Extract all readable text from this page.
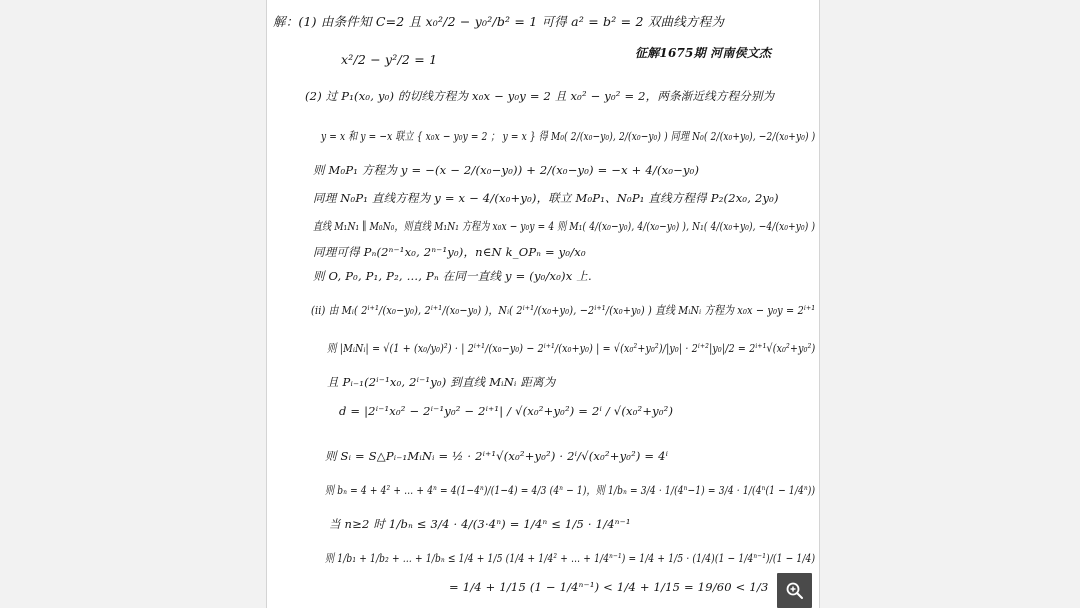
解：(1) 由条件知 C=2 且 x₀²/2 − y₀²/b² = 1 可得 a² = b² = 2 双曲线方程为
征解1675期 河南侯文杰
x²/2 − y²/2 = 1
(2) 过 P₁(x₀, y₀) 的切线方程为 x₀x − y₀y = 2 且 x₀² − y₀² = 2，两条渐近线方程分别为
y = x 和 y = −x 联立 { x₀x − y₀y = 2 ； y = x } 得 M₀( 2/(x₀−y₀), 2/(x₀−y₀) ) 同理 N₀( 2/(x₀+y₀), −2/(x₀+y₀) )
则 M₀P₁ 方程为 y = −(x − 2/(x₀−y₀)) + 2/(x₀−y₀) = −x + 4/(x₀−y₀)
同理 N₀P₁ 直线方程为 y = x − 4/(x₀+y₀)，联立 M₀P₁、N₀P₁ 直线方程得 P₂(2x₀, 2y₀)
直线 M₁N₁ ∥ M₀N₀，则直线 M₁N₁ 方程为 x₀x − y₀y = 4 则 M₁( 4/(x₀−y₀), 4/(x₀−y₀) ), N₁( 4/(x₀+y₀), −4/(x₀+y₀) )
同理可得 Pₙ(2ⁿ⁻¹x₀, 2ⁿ⁻¹y₀)，n∈N k_OPₙ = y₀/x₀
则 O, P₀, P₁, P₂, …, Pₙ 在同一直线 y = (y₀/x₀)x 上.
(ii) 由 Mᵢ( 2ⁱ⁺¹/(x₀−y₀), 2ⁱ⁺¹/(x₀−y₀) )，Nᵢ( 2ⁱ⁺¹/(x₀+y₀), −2ⁱ⁺¹/(x₀+y₀) ) 直线 MᵢNᵢ 方程为 x₀x − y₀y = 2ⁱ⁺¹
则 |MᵢNᵢ| = √(1 + (x₀/y₀)²) · | 2ⁱ⁺¹/(x₀−y₀) − 2ⁱ⁺¹/(x₀+y₀) | = √(x₀²+y₀²)/|y₀| · 2ⁱ⁺²|y₀|/2 = 2ⁱ⁺¹√(x₀²+y₀²)
且 Pᵢ₋₁(2ⁱ⁻¹x₀, 2ⁱ⁻¹y₀) 到直线 MᵢNᵢ 距离为
d = |2ⁱ⁻¹x₀² − 2ⁱ⁻¹y₀² − 2ⁱ⁺¹| / √(x₀²+y₀²) = 2ⁱ / √(x₀²+y₀²)
则 Sᵢ = S△Pᵢ₋₁MᵢNᵢ = ½ · 2ⁱ⁺¹√(x₀²+y₀²) · 2ⁱ/√(x₀²+y₀²) = 4ⁱ
则 bₙ = 4 + 4² + … + 4ⁿ = 4(1−4ⁿ)/(1−4) = 4/3 (4ⁿ − 1)，则 1/bₙ = 3/4 · 1/(4ⁿ−1) = 3/4 · 1/(4ⁿ(1 − 1/4ⁿ))
当 n≥2 时 1/bₙ ≤ 3/4 · 4/(3·4ⁿ) = 1/4ⁿ ≤ 1/5 · 1/4ⁿ⁻¹
则 1/b₁ + 1/b₂ + … + 1/bₙ ≤ 1/4 + 1/5 (1/4 + 1/4² + … + 1/4ⁿ⁻¹) = 1/4 + 1/5 · (1/4)(1 − 1/4ⁿ⁻¹)/(1 − 1/4)
= 1/4 + 1/15 (1 − 1/4ⁿ⁻¹) < 1/4 + 1/15 = 19/60 < 1/3
